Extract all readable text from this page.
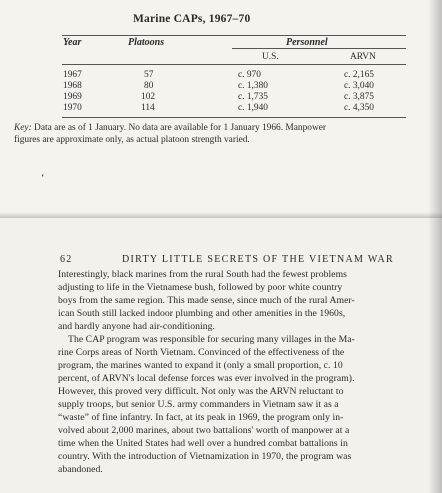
Marine CAPs, 1967–70
Year	Platoons	Personnel
U.S.	ARVN
1967	57	c. 970	c. 2,165
1968	80	c. 1,380	c. 3,040
1969	102	c. 1,735	c. 3,875
1970	114	c. 1,940	c. 4,350
Key: Data are as of 1 January. No data are available for 1 January 1966. Manpower
figures are approximate only, as actual platoon strength varied.
‘
62	DIRTY LITTLE SECRETS OF THE VIETNAM WAR
Interestingly, black marines from the rural South had the fewest problems
adjusting to life in the Vietnamese bush, followed by poor white country
boys from the same region. This made sense, since much of the rural Amer-
ican South still lacked indoor plumbing and other amenities in the 1960s,
and hardly anyone had air-conditioning.
The CAP program was responsible for securing many villages in the Ma-
rine Corps areas of North Vietnam. Convinced of the effectiveness of the
program, the marines wanted to expand it (only a small proportion, c. 10
percent, of ARVN's local defense forces was ever involved in the program).
However, this proved very difficult. Not only was the ARVN reluctant to
supply troops, but senior U.S. army commanders in Vietnam saw it as a
“waste” of fine infantry. In fact, at its peak in 1969, the program only in-
volved about 2,000 marines, about two battalions' worth of manpower at a
time when the United States had well over a hundred combat battalions in
country. With the introduction of Vietnamization in 1970, the program was
abandoned.
